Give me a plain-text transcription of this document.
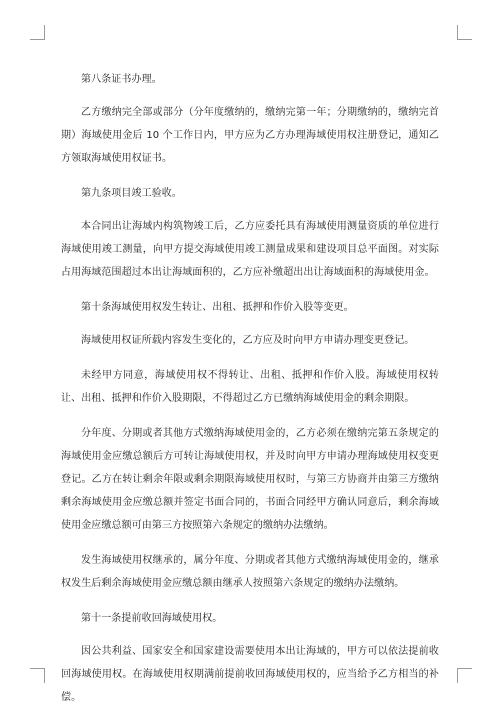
第八条证书办理。

乙方缴纳完全部或部分（分年度缴纳的，缴纳完第一年；分期缴纳的，缴纳完首期）海域使用金后 10 个工作日内，甲方应为乙方办理海域使用权注册登记，通知乙方领取海域使用权证书。

第九条项目竣工验收。

本合同出让海域内构筑物竣工后，乙方应委托具有海域使用测量资质的单位进行海域使用竣工测量，向甲方提交海域使用竣工测量成果和建设项目总平面图。对实际占用海域范围超过本出让海域面积的，乙方应补缴超出出让海域面积的海域使用金。

第十条海域使用权发生转让、出租、抵押和作价入股等变更。

海域使用权证所载内容发生变化的，乙方应及时向甲方申请办理变更登记。

未经甲方同意，海域使用权不得转让、出租、抵押和作价入股。海域使用权转让、出租、抵押和作价入股期限，不得超过乙方已缴纳海域使用金的剩余期限。

分年度、分期或者其他方式缴纳海域使用金的，乙方必须在缴纳完第五条规定的海域使用金应缴总额后方可转让海域使用权，并及时向甲方申请办理海域使用权变更登记。乙方在转让剩余年限或剩余期限海域使用权时，与第三方协商并由第三方缴纳剩余海域使用金应缴总额并签定书面合同的，书面合同经甲方确认同意后，剩余海域使用金应缴总额可由第三方按照第六条规定的缴纳办法缴纳。

发生海域使用权继承的，属分年度、分期或者其他方式缴纳海域使用金的，继承权发生后剩余海域使用金应缴总额由继承人按照第六条规定的缴纳办法缴纳。

第十一条提前收回海域使用权。

因公共利益、国家安全和国家建设需要使用本出让海域的，甲方可以依法提前收回海域使用权。在海域使用权期满前提前收回海域使用权的，应当给予乙方相当的补偿。
